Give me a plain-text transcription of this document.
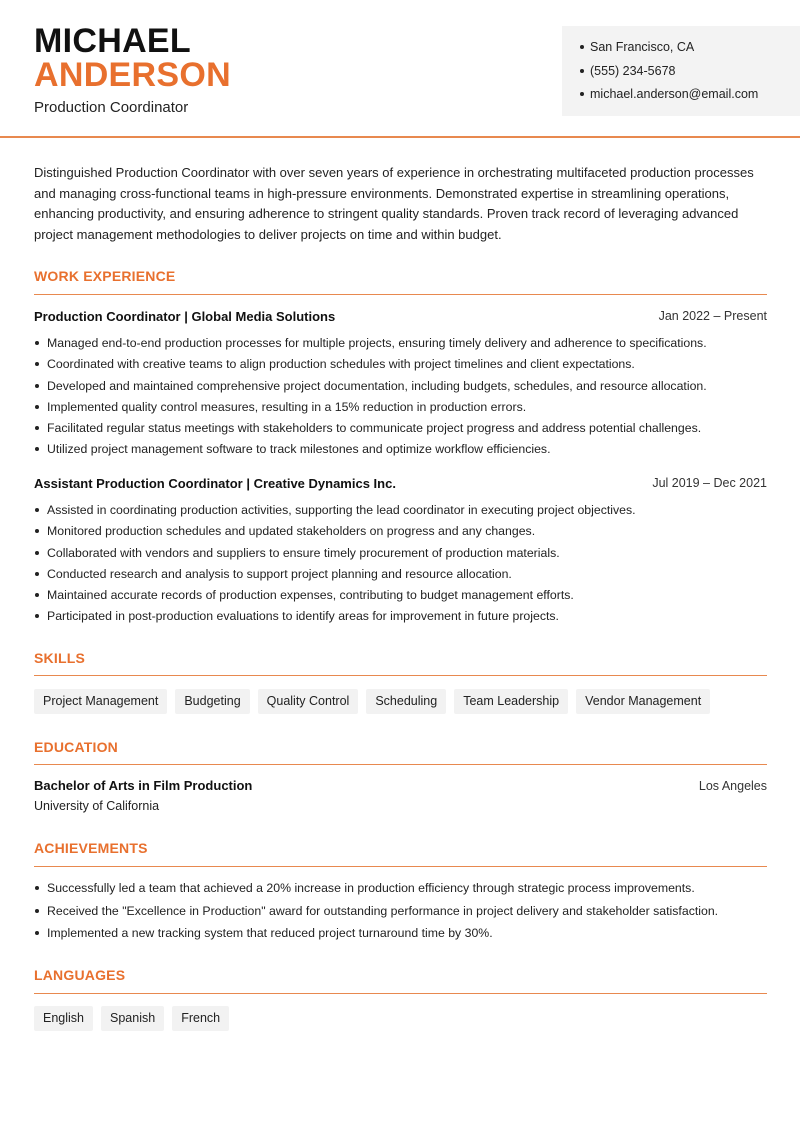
MICHAEL
ANDERSON
Production Coordinator
San Francisco, CA
(555) 234-5678
michael.anderson@email.com

Distinguished Production Coordinator with over seven years of experience in orchestrating multifaceted production processes and managing cross-functional teams in high-pressure environments. Demonstrated expertise in streamlining operations, enhancing productivity, and ensuring adherence to stringent quality standards. Proven track record of leveraging advanced project management methodologies to deliver projects on time and within budget.

WORK EXPERIENCE
Production Coordinator | Global Media Solutions	Jan 2022 – Present
Managed end-to-end production processes for multiple projects, ensuring timely delivery and adherence to specifications.
Coordinated with creative teams to align production schedules with project timelines and client expectations.
Developed and maintained comprehensive project documentation, including budgets, schedules, and resource allocation.
Implemented quality control measures, resulting in a 15% reduction in production errors.
Facilitated regular status meetings with stakeholders to communicate project progress and address potential challenges.
Utilized project management software to track milestones and optimize workflow efficiencies.
Assistant Production Coordinator | Creative Dynamics Inc.	Jul 2019 – Dec 2021
Assisted in coordinating production activities, supporting the lead coordinator in executing project objectives.
Monitored production schedules and updated stakeholders on progress and any changes.
Collaborated with vendors and suppliers to ensure timely procurement of production materials.
Conducted research and analysis to support project planning and resource allocation.
Maintained accurate records of production expenses, contributing to budget management efforts.
Participated in post-production evaluations to identify areas for improvement in future projects.
SKILLS
Project Management	Budgeting	Quality Control	Scheduling	Team Leadership	Vendor Management
EDUCATION
Bachelor of Arts in Film Production	Los Angeles
University of California
ACHIEVEMENTS
Successfully led a team that achieved a 20% increase in production efficiency through strategic process improvements.
Received the "Excellence in Production" award for outstanding performance in project delivery and stakeholder satisfaction.
Implemented a new tracking system that reduced project turnaround time by 30%.
LANGUAGES
English	Spanish	French
